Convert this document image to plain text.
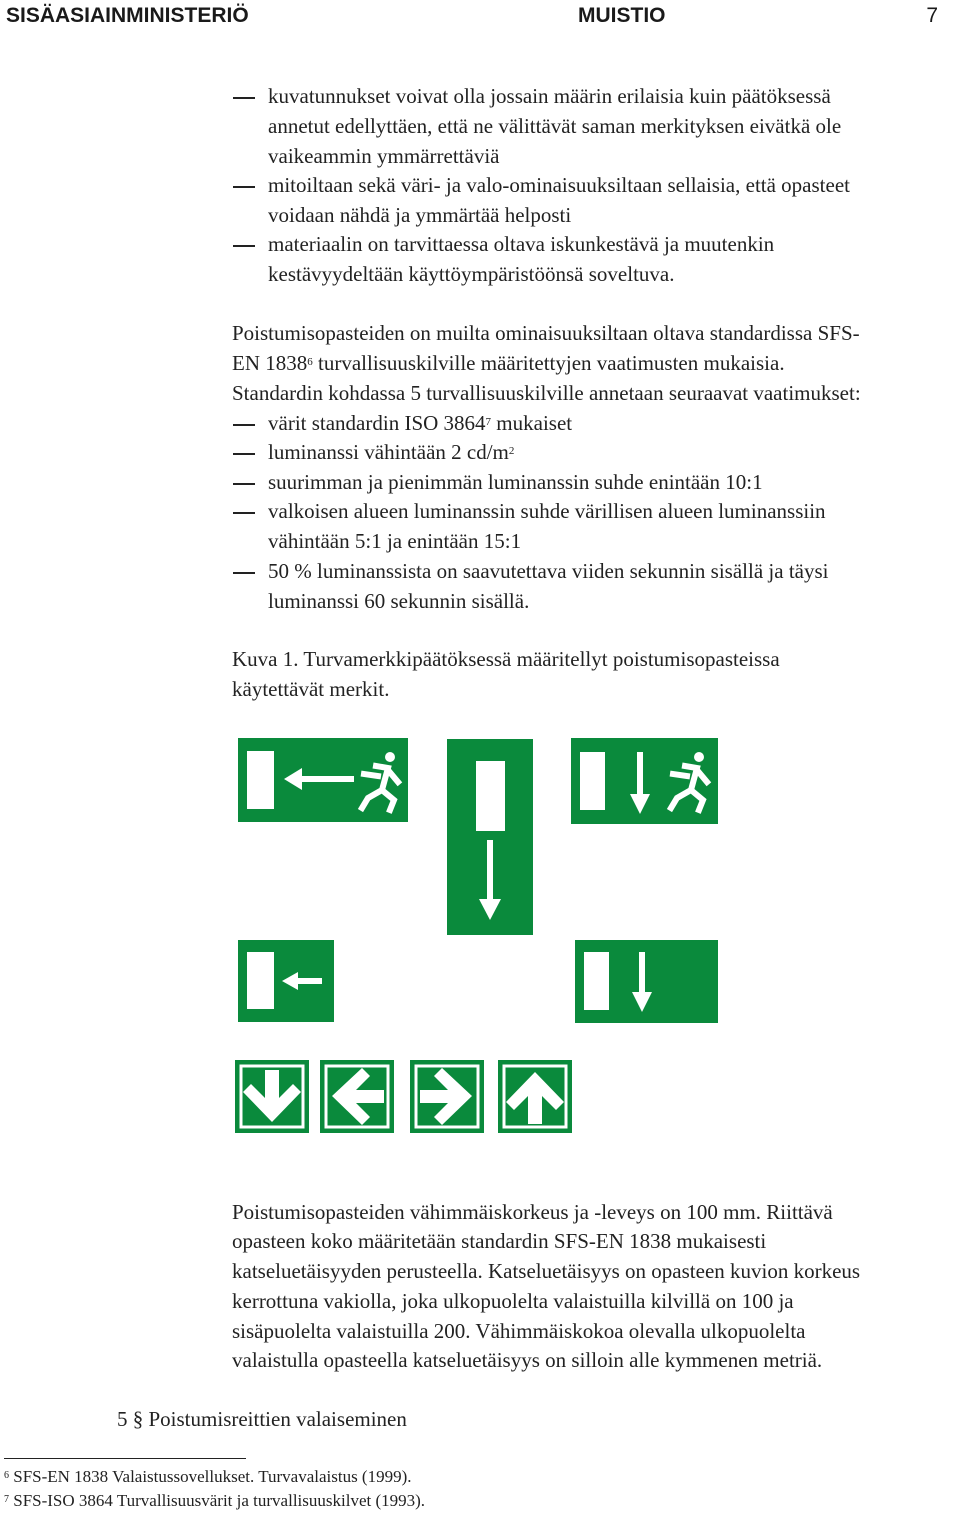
SISÄASIAINMINISTERIÖ	MUISTIO	7
kuvatunnukset voivat olla jossain määrin erilaisia kuin päätöksessä
annetut edellyttäen, että ne välittävät saman merkityksen eivätkä ole
vaikeammin ymmärrettäviä
mitoiltaan sekä väri- ja valo-ominaisuuksiltaan sellaisia, että opasteet
voidaan nähdä ja ymmärtää helposti
materiaalin on tarvittaessa oltava iskunkestävä ja muutenkin
kestävyydeltään käyttöympäristöönsä soveltuva.
Poistumisopasteiden on muilta ominaisuuksiltaan oltava standardissa SFS-
EN 1838$^6$ turvallisuuskilville määritettyjen vaatimusten mukaisia.
Standardin kohdassa 5 turvallisuuskilville annetaan seuraavat vaatimukset:
värit standardin ISO 3864$^7$ mukaiset
luminanssi vähintään 2 $cd/m^2$
suurimman ja pienimmän luminanssin suhde enintään 10:1
valkoisen alueen luminanssin suhde värillisen alueen luminanssiin
vähintään 5:1 ja enintään 15:1
50 % luminanssista on saavutettava viiden sekunnin sisällä ja täysi
luminanssi 60 sekunnin sisällä.
Kuva 1. Turvamerkkipäätöksessä määritellyt poistumisopasteissa
käytettävät merkit.
Poistumisopasteiden vähimmäiskorkeus ja -leveys on 100 mm. Riittävä
opasteen koko määritetään standardin SFS-EN 1838 mukaisesti
katseluetäisyyden perusteella. Katseluetäisyys on opasteen kuvion korkeus
kerrottuna vakiolla, joka ulkopuolelta valaistuilla kilvillä on 100 ja
sisäpuolelta valaistuilla 200. Vähimmäiskokoa olevalla ulkopuolelta
valaistulla opasteella katseluetäisyys on silloin alle kymmenen metriä.
5 § Poistumisreittien valaiseminen
$^6$ SFS-EN 1838 Valaistussovellukset. Turvavalaistus (1999).
$^7$ SFS-ISO 3864 Turvallisuusvärit ja turvallisuuskilvet (1993).
